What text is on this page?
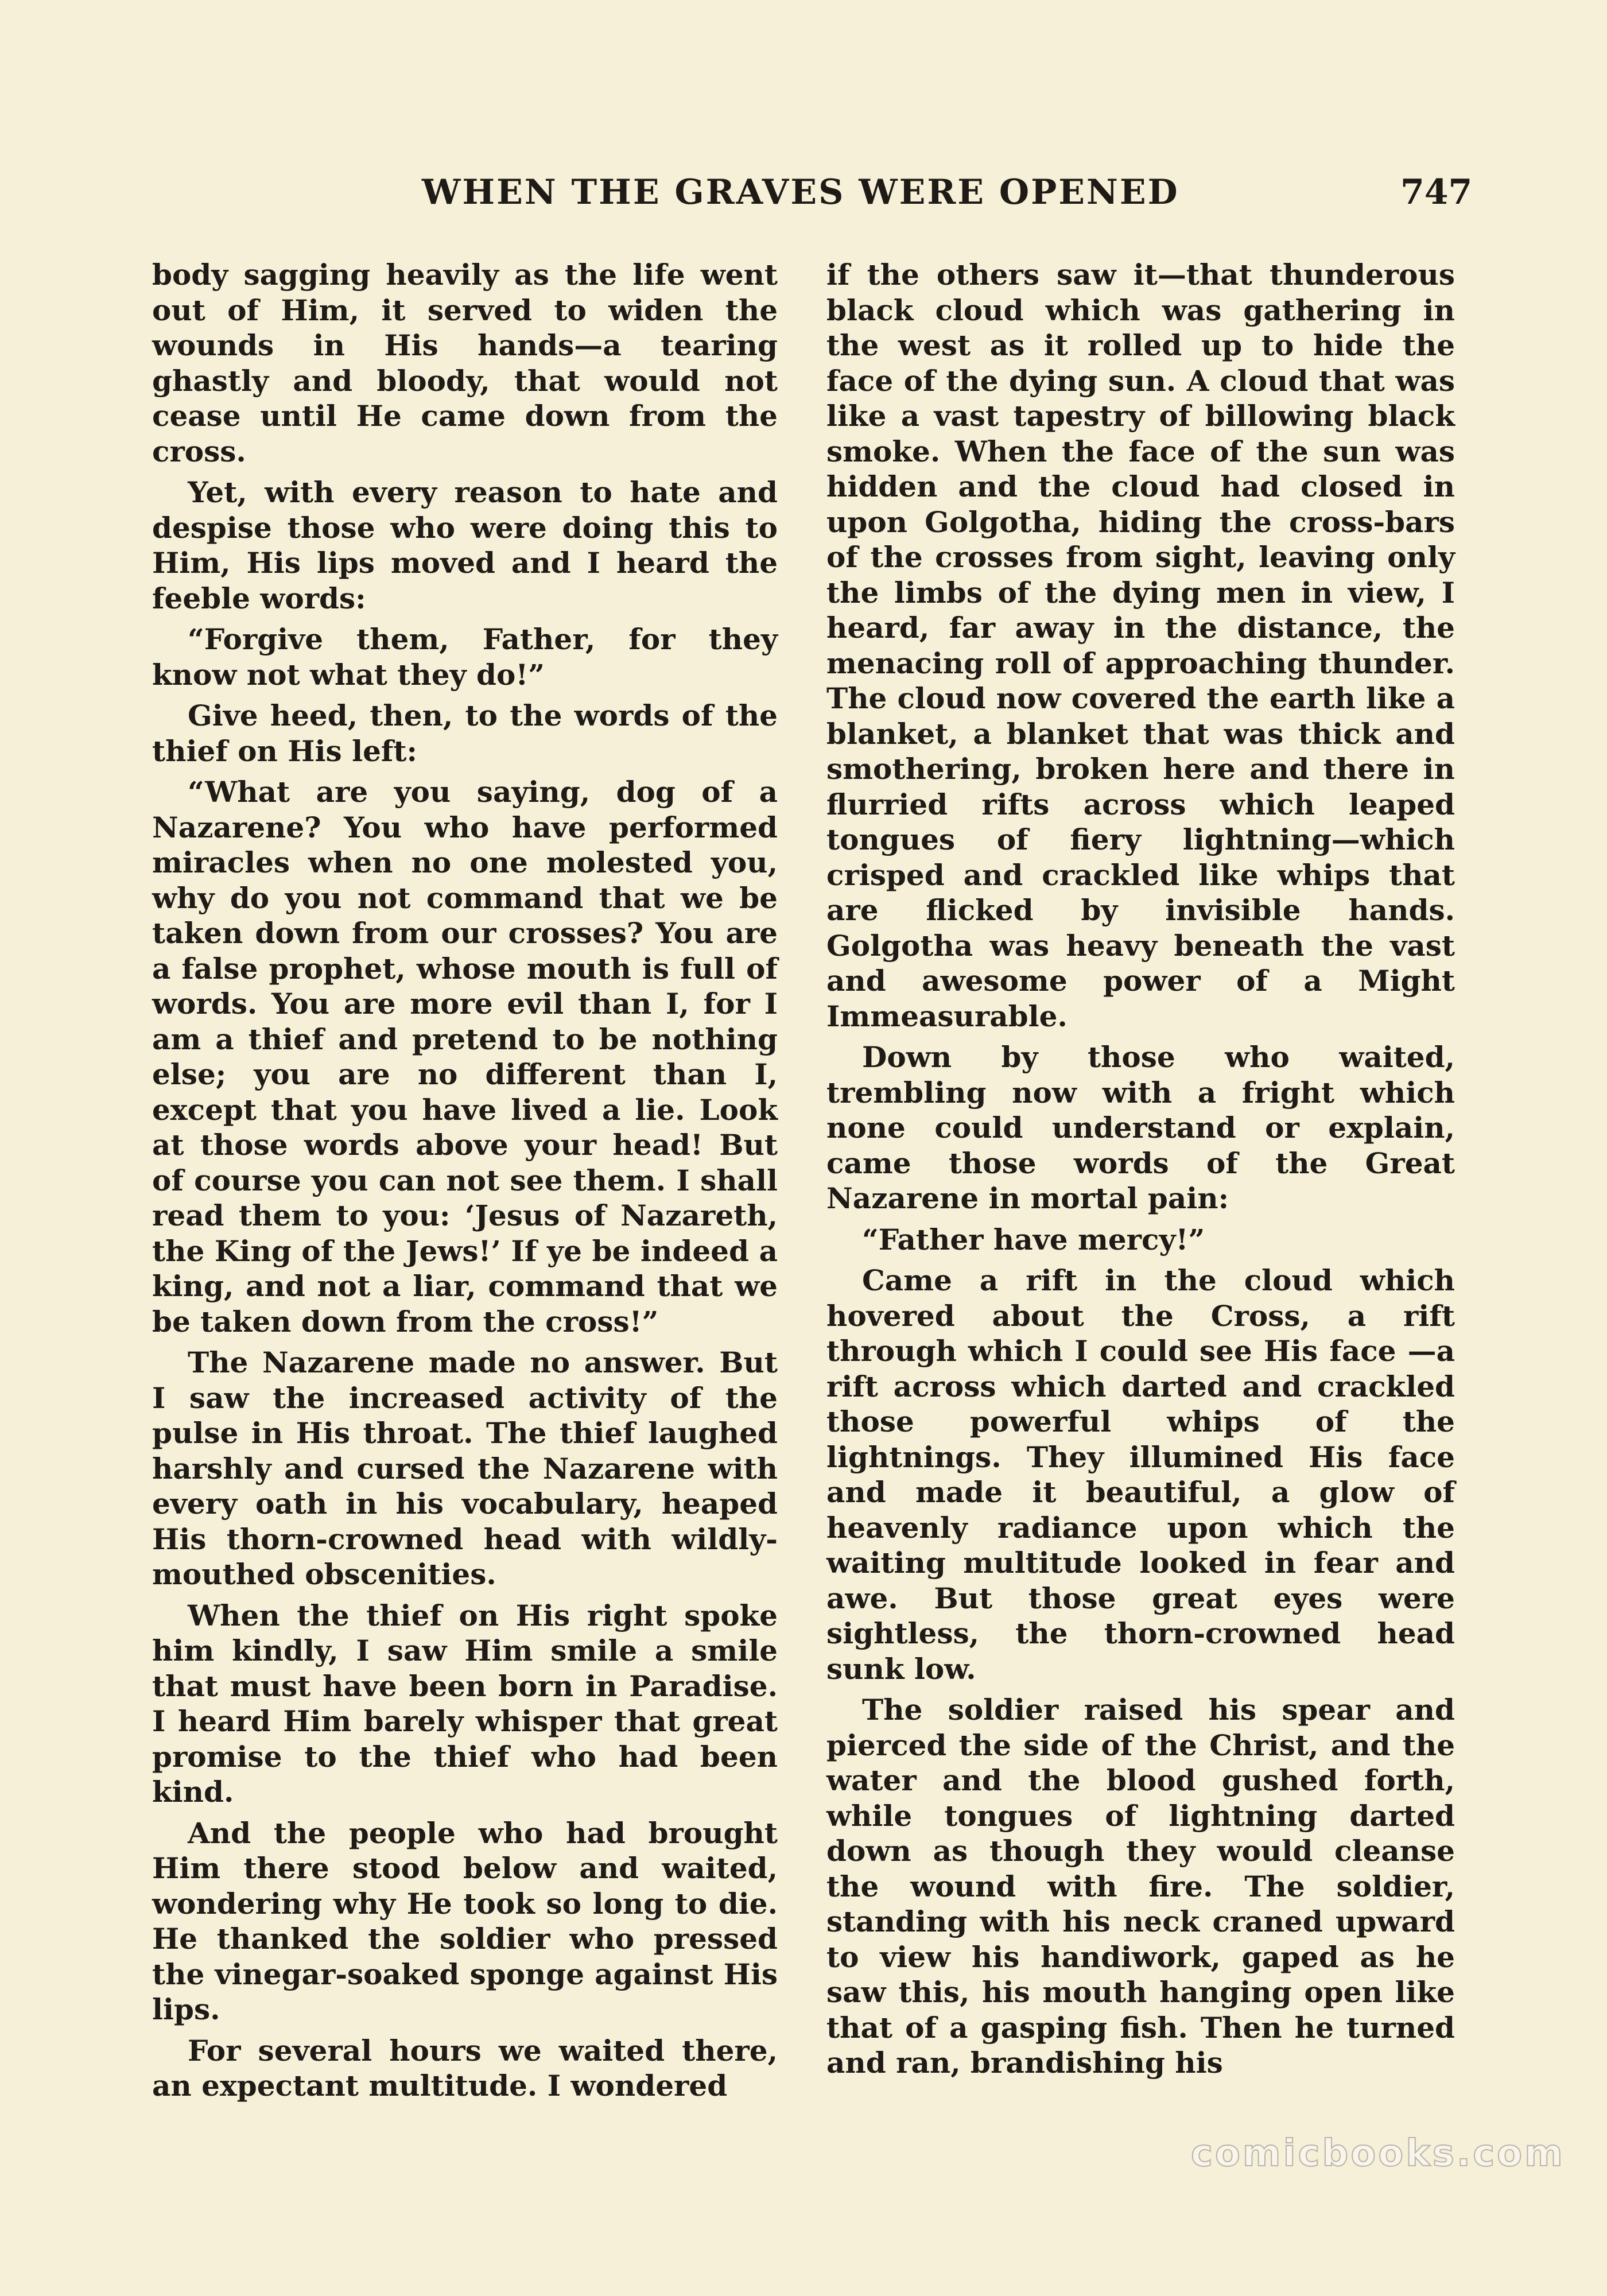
WHEN THE GRAVES WERE OPENED	747

body sagging heavily as the life went out of Him, it served to widen the wounds in His hands—a tearing ghastly and bloody, that would not cease until He came down from the cross.

Yet, with every reason to hate and despise those who were doing this to Him, His lips moved and I heard the feeble words:

“Forgive them, Father, for they know not what they do!”

Give heed, then, to the words of the thief on His left:

“What are you saying, dog of a Nazarene? You who have performed miracles when no one molested you, why do you not command that we be taken down from our crosses? You are a false prophet, whose mouth is full of words. You are more evil than I, for I am a thief and pretend to be nothing else; you are no different than I, except that you have lived a lie. Look at those words above your head! But of course you can not see them. I shall read them to you: ‘Jesus of Nazareth, the King of the Jews!’ If ye be indeed a king, and not a liar, command that we be taken down from the cross!”

The Nazarene made no answer. But I saw the increased activity of the pulse in His throat. The thief laughed harshly and cursed the Nazarene with every oath in his vocabulary, heaped His thorn-crowned head with wildly-mouthed obscenities.

When the thief on His right spoke him kindly, I saw Him smile a smile that must have been born in Paradise. I heard Him barely whisper that great promise to the thief who had been kind.

And the people who had brought Him there stood below and waited, wondering why He took so long to die. He thanked the soldier who pressed the vinegar-soaked sponge against His lips.

For several hours we waited there, an expectant multitude. I wondered

if the others saw it—that thunderous black cloud which was gathering in the west as it rolled up to hide the face of the dying sun. A cloud that was like a vast tapestry of billowing black smoke. When the face of the sun was hidden and the cloud had closed in upon Golgotha, hiding the cross-bars of the crosses from sight, leaving only the limbs of the dying men in view, I heard, far away in the distance, the menacing roll of approaching thunder. The cloud now covered the earth like a blanket, a blanket that was thick and smothering, broken here and there in flurried rifts across which leaped tongues of fiery lightning—which crisped and crackled like whips that are flicked by invisible hands. Golgotha was heavy beneath the vast and awesome power of a Might Immeasurable.

Down by those who waited, trembling now with a fright which none could understand or explain, came those words of the Great Nazarene in mortal pain:

“Father have mercy!”

Came a rift in the cloud which hovered about the Cross, a rift through which I could see His face —a rift across which darted and crackled those powerful whips of the lightnings. They illumined His face and made it beautiful, a glow of heavenly radiance upon which the waiting multitude looked in fear and awe. But those great eyes were sightless, the thorn-crowned head sunk low.

The soldier raised his spear and pierced the side of the Christ, and the water and the blood gushed forth, while tongues of lightning darted down as though they would cleanse the wound with fire. The soldier, standing with his neck craned upward to view his handiwork, gaped as he saw this, his mouth hanging open like that of a gasping fish. Then he turned and ran, brandishing his

comicbooks.com
